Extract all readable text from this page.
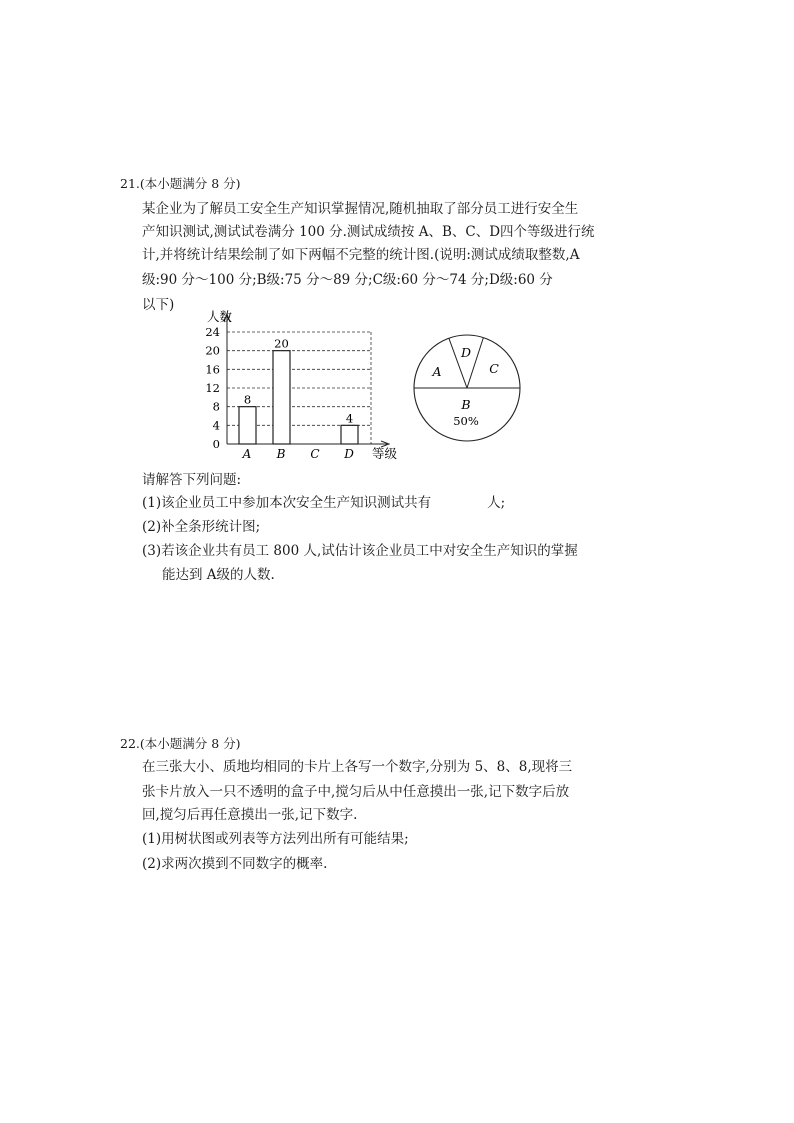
21.(本小题满分 8 分)
某企业为了解员工安全生产知识掌握情况,随机抽取了部分员工进行安全生
产知识测试,测试试卷满分 100 分.测试成绩按 A、B、C、D四个等级进行统
计,并将统计结果绘制了如下两幅不完整的统计图.(说明:测试成绩取整数,A
级:90 分～100 分;B级:75 分～89 分;C级:60 分～74 分;D级:60 分
以下)
0
4
8
12
16
20
24
人数
等级
8
A
20
B C
4
D
A
D
C
B
50%
请解答下列问题:
(1)该企业员工中参加本次安全生产知识测试共有	人;
(2)补全条形统计图;
(3)若该企业共有员工 800 人,试估计该企业员工中对安全生产知识的掌握
能达到 A级的人数.
22.(本小题满分 8 分)
在三张大小、质地均相同的卡片上各写一个数字,分别为 5、8、8,现将三
张卡片放入一只不透明的盒子中,搅匀后从中任意摸出一张,记下数字后放
回,搅匀后再任意摸出一张,记下数字.
(1)用树状图或列表等方法列出所有可能结果;
(2)求两次摸到不同数字的概率.
